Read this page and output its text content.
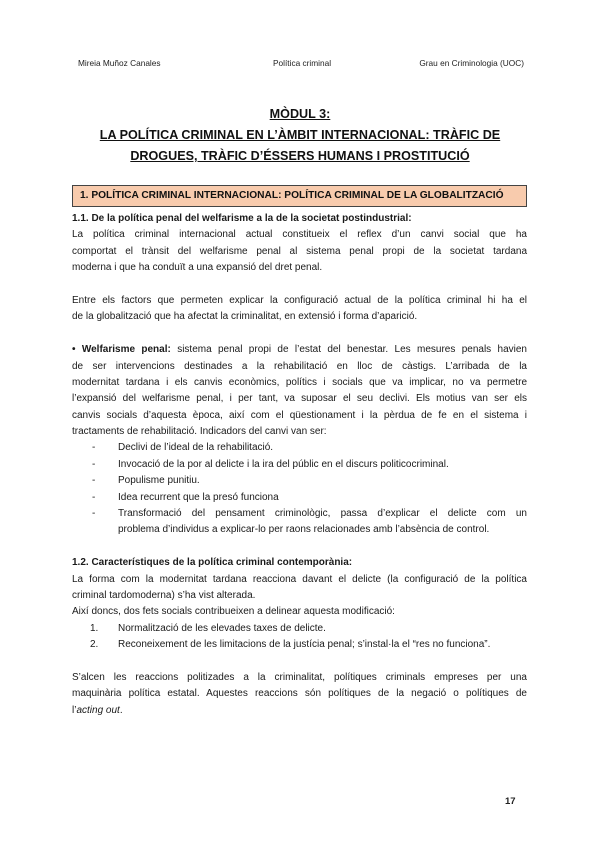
Mireia Muñoz Canales	Política criminal	Grau en Criminologia (UOC)
MÒDUL 3:
LA POLÍTICA CRIMINAL EN L’ÀMBIT INTERNACIONAL: TRÀFIC DE
DROGUES, TRÀFIC D’ÉSSERS HUMANS I PROSTITUCIÓ
1. POLÍTICA CRIMINAL INTERNACIONAL: POLÍTICA CRIMINAL DE LA GLOBALITZACIÓ
1.1. De la política penal del welfarisme a la de la societat postindustrial:
La política criminal internacional actual constitueix el reflex d’un canvi social que ha
comportat el trànsit del welfarisme penal al sistema penal propi de la societat tardana
moderna i que ha conduït a una expansió del dret penal.
Entre els factors que permeten explicar la configuració actual de la política criminal hi ha el
de la globalització que ha afectat la criminalitat, en extensió i forma d’aparició.
• Welfarisme penal: sistema penal propi de l’estat del benestar. Les mesures penals havien
de ser intervencions destinades a la rehabilitació en lloc de càstigs. L’arribada de la
modernitat tardana i els canvis econòmics, polítics i socials que va implicar, no va permetre
l’expansió del welfarisme penal, i per tant, va suposar el seu declivi. Els motius van ser els
canvis socials d’aquesta època, així com el qüestionament i la pèrdua de fe en el sistema i
tractaments de rehabilitació. Indicadors del canvi van ser:
- Declivi de l’ideal de la rehabilitació.
- Invocació de la por al delicte i la ira del públic en el discurs politicocriminal.
- Populisme punitiu.
- Idea recurrent que la presó funciona
- Transformació del pensament criminològic, passa d’explicar el delicte com un
problema d’individus a explicar-lo per raons relacionades amb l’absència de control.
1.2. Característiques de la política criminal contemporània:
La forma com la modernitat tardana reacciona davant el delicte (la configuració de la política
criminal tardomoderna) s’ha vist alterada.
Així doncs, dos fets socials contribueixen a delinear aquesta modificació:
1. Normalització de les elevades taxes de delicte.
2. Reconeixement de les limitacions de la justícia penal; s’instal·la el “res no funciona”.
S’alcen les reaccions politizades a la criminalitat, polítiques criminals empreses per una
maquinària política estatal. Aquestes reaccions són polítiques de la negació o polítiques de
l’acting out.
17
